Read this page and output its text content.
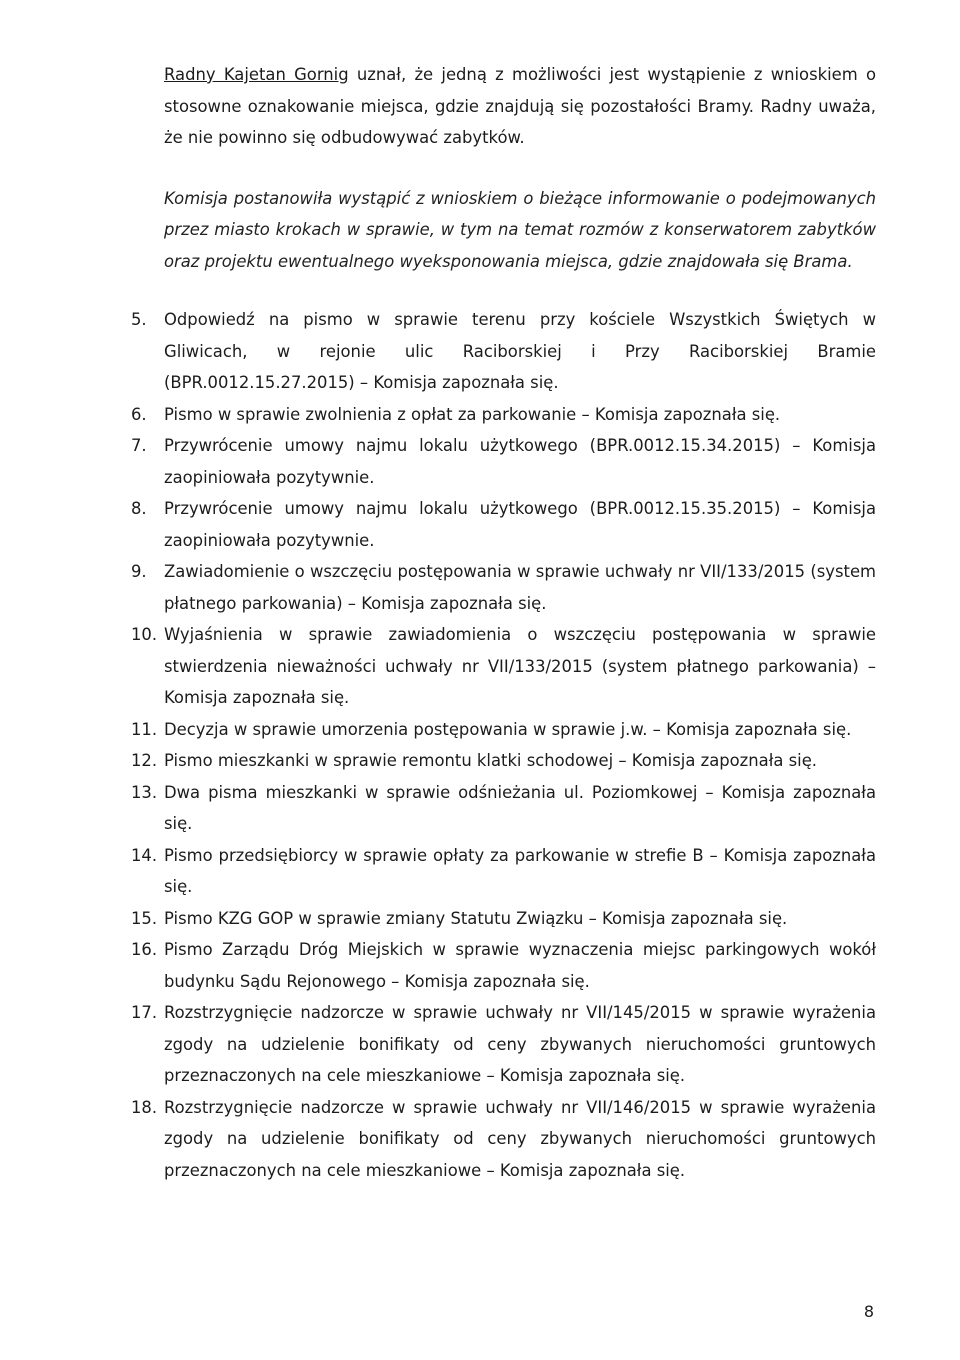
Radny Kajetan Gornig uznał, że jedną z możliwości jest wystąpienie z wnioskiem o stosowne oznakowanie miejsca, gdzie znajdują się pozostałości Bramy. Radny uważa, że nie powinno się odbudowywać zabytków.

Komisja postanowiła wystąpić z wnioskiem o bieżące informowanie o podejmowanych przez miasto krokach w sprawie, w tym na temat rozmów z konserwatorem zabytków oraz projektu ewentualnego wyeksponowania miejsca, gdzie znajdowała się Brama.

5.	Odpowiedź na pismo w sprawie terenu przy kościele Wszystkich Świętych w Gliwicach, w rejonie ulic Raciborskiej i Przy Raciborskiej Bramie (BPR.0012.15.27.2015) – Komisja zapoznała się.
6.	Pismo w sprawie zwolnienia z opłat za parkowanie – Komisja zapoznała się.
7.	Przywrócenie umowy najmu lokalu użytkowego (BPR.0012.15.34.2015) – Komisja zaopiniowała pozytywnie.
8.	Przywrócenie umowy najmu lokalu użytkowego (BPR.0012.15.35.2015) – Komisja zaopiniowała pozytywnie.
9.	Zawiadomienie o wszczęciu postępowania w sprawie uchwały nr VII/133/2015 (system płatnego parkowania) – Komisja zapoznała się.
10. Wyjaśnienia w sprawie zawiadomienia o wszczęciu postępowania w sprawie stwierdzenia nieważności uchwały nr VII/133/2015 (system płatnego parkowania) – Komisja zapoznała się.
11. Decyzja w sprawie umorzenia postępowania w sprawie j.w. – Komisja zapoznała się.
12. Pismo mieszkanki w sprawie remontu klatki schodowej – Komisja zapoznała się.
13. Dwa pisma mieszkanki w sprawie odśnieżania ul. Poziomkowej – Komisja zapoznała się.
14. Pismo przedsiębiorcy w sprawie opłaty za parkowanie w strefie B – Komisja zapoznała się.
15. Pismo KZG GOP w sprawie zmiany Statutu Związku – Komisja zapoznała się.
16. Pismo Zarządu Dróg Miejskich w sprawie wyznaczenia miejsc parkingowych wokół budynku Sądu Rejonowego – Komisja zapoznała się.
17. Rozstrzygnięcie nadzorcze w sprawie uchwały nr VII/145/2015 w sprawie wyrażenia zgody na udzielenie bonifikaty od ceny zbywanych nieruchomości gruntowych przeznaczonych na cele mieszkaniowe – Komisja zapoznała się.
18. Rozstrzygnięcie nadzorcze w sprawie uchwały nr VII/146/2015 w sprawie wyrażenia zgody na udzielenie bonifikaty od ceny zbywanych nieruchomości gruntowych przeznaczonych na cele mieszkaniowe – Komisja zapoznała się.
8
